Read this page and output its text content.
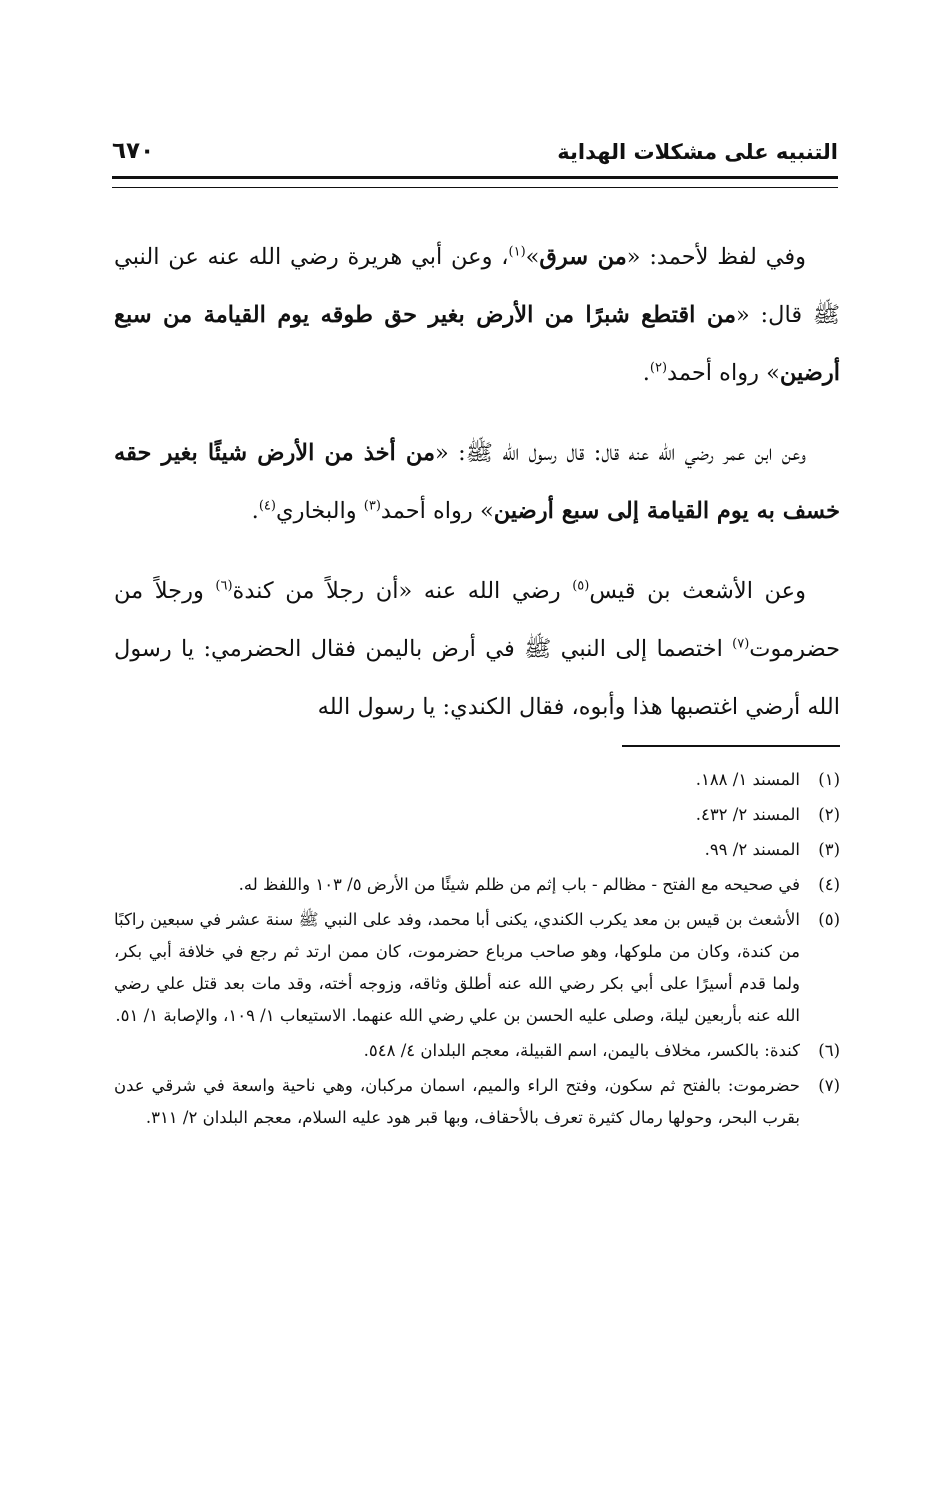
التنبيه على مشكلات الهداية
٦٧٠

وفي لفظ لأحمد: «من سرق»$^{(١)}$، وعن أبي هريرة رضي الله عنه عن النبي ﷺ قال: «من اقتطع شبرًا من الأرض بغير حق طوقه يوم القيامة من سبع أرضين» رواه أحمد$^{(٢)}$.

وعن ابن عمر رضي الله عنه قال: قال رسول الله ﷺ: «من أخذ من الأرض شيئًا بغير حقه خسف به يوم القيامة إلى سبع أرضين» رواه أحمد$^{(٣)}$ والبخاري$^{(٤)}$.

وعن الأشعث بن قيس$^{(٥)}$ رضي الله عنه «أن رجلاً من كندة$^{(٦)}$ ورجلاً من حضرموت$^{(٧)}$ اختصما إلى النبي ﷺ في أرض باليمن فقال الحضرمي: يا رسول الله أرضي اغتصبها هذا وأبوه، فقال الكندي: يا رسول الله

(١)
المسند ١/ ١٨٨.
(٢)
المسند ٢/ ٤٣٢.
(٣)
المسند ٢/ ٩٩.
(٤)
في صحيحه مع الفتح - مظالم - باب إثم من ظلم شيئًا من الأرض ٥/ ١٠٣ واللفظ له.
(٥)
الأشعث بن قيس بن معد يكرب الكندي، يكنى أبا محمد، وفد على النبي ﷺ سنة عشر في سبعين راكبًا من كندة، وكان من ملوكها، وهو صاحب مرباع حضرموت، كان ممن ارتد ثم رجع في خلافة أبي بكر، ولما قدم أسيرًا على أبي بكر رضي الله عنه أطلق وثاقه، وزوجه أخته، وقد مات بعد قتل علي رضي الله عنه بأربعين ليلة، وصلى عليه الحسن بن علي رضي الله عنهما. الاستيعاب ١/ ١٠٩، والإصابة ١/ ٥١.
(٦)
كندة: بالكسر، مخلاف باليمن، اسم القبيلة، معجم البلدان ٤/ ٥٤٨.
(٧)
حضرموت: بالفتح ثم سكون، وفتح الراء والميم، اسمان مركبان، وهي ناحية واسعة في شرقي عدن بقرب البحر، وحولها رمال كثيرة تعرف بالأحقاف، وبها قبر هود عليه السلام، معجم البلدان ٢/ ٣١١.
